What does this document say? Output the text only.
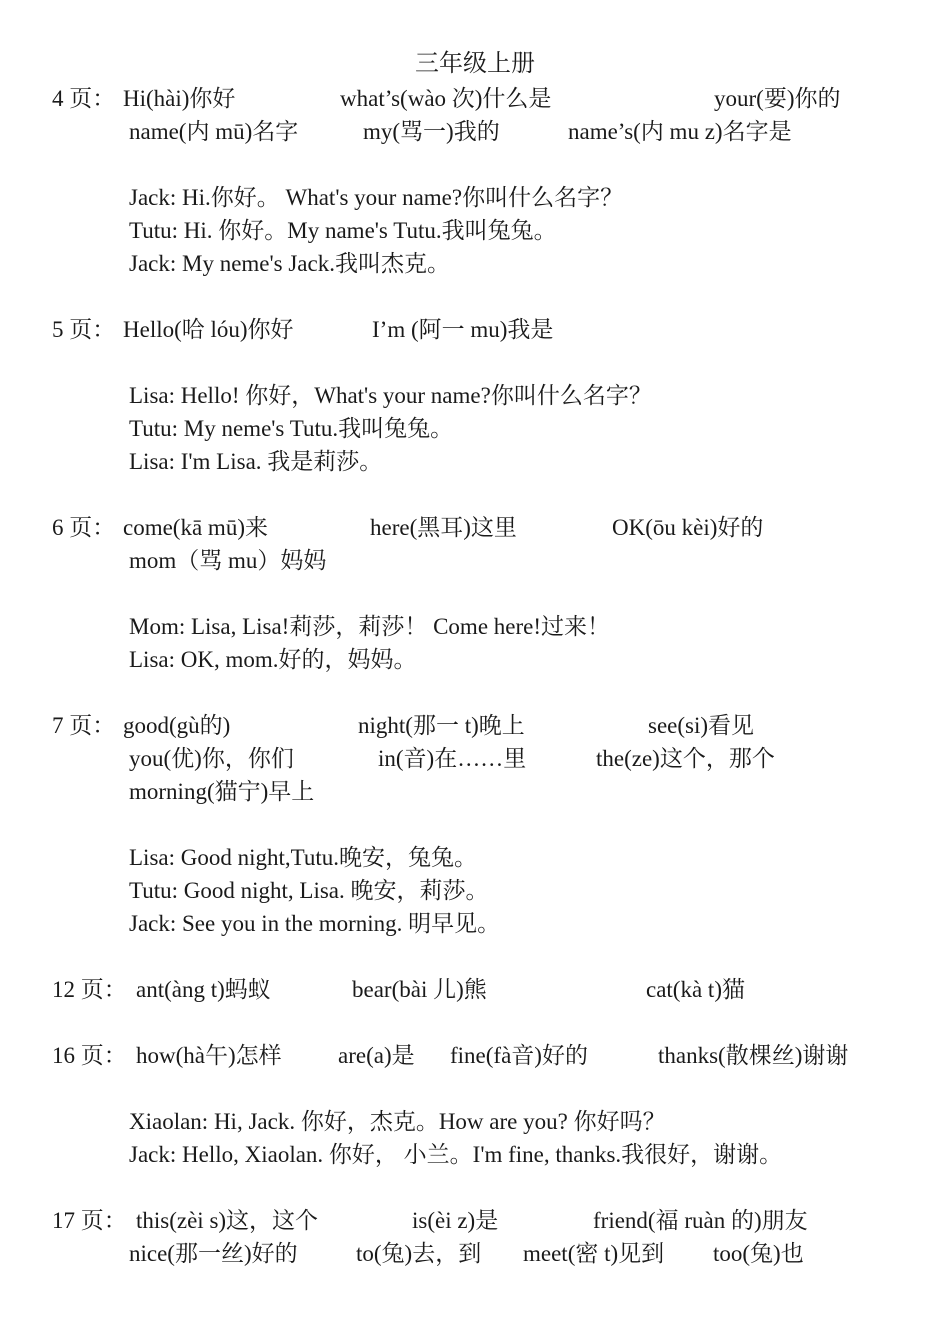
三年级上册
4 页： Hi(hài)你好	what’s(wào 次)什么是	your(要)你的
name(内 mū)名字	my(骂一)我的	name’s(内 mu z)名字是
Jack: Hi.你好。 What's your name?你叫什么名字？
Tutu: Hi. 你好。My name's Tutu.我叫兔兔。
Jack: My neme's Jack.我叫杰克。
5 页： Hello(哈 lóu)你好	I’m (阿一 mu)我是
Lisa: Hello! 你好，What's your name?你叫什么名字？
Tutu: My neme's Tutu.我叫兔兔。
Lisa: I'm Lisa. 我是莉莎。
6 页： come(kā mū)来	here(黑耳)这里	OK(ōu kèi)好的
mom（骂 mu）妈妈
Mom: Lisa, Lisa!莉莎，莉莎！ Come here!过来！
Lisa: OK, mom.好的，妈妈。
7 页： good(gù的)	night(那一 t)晚上	see(si)看见
you(优)你，你们	in(音)在……里	the(ze)这个，那个
morning(猫宁)早上
Lisa: Good night,Tutu.晚安，兔兔。
Tutu: Good night, Lisa. 晚安，莉莎。
Jack: See you in the morning. 明早见。
12 页： ant(àng t)蚂蚁	bear(bài 儿)熊	cat(kà t)猫
16 页： how(hà午)怎样 are(a)是 fine(fà音)好的	thanks(散棵丝)谢谢
Xiaolan: Hi, Jack. 你好，杰克。How are you? 你好吗？
Jack: Hello, Xiaolan. 你好， 小兰。I'm fine, thanks.我很好，谢谢。
17 页： this(zèi s)这，这个	is(èi z)是	friend(福 ruàn 的)朋友
nice(那一丝)好的	to(兔)去，到 meet(密 t)见到 too(兔)也
